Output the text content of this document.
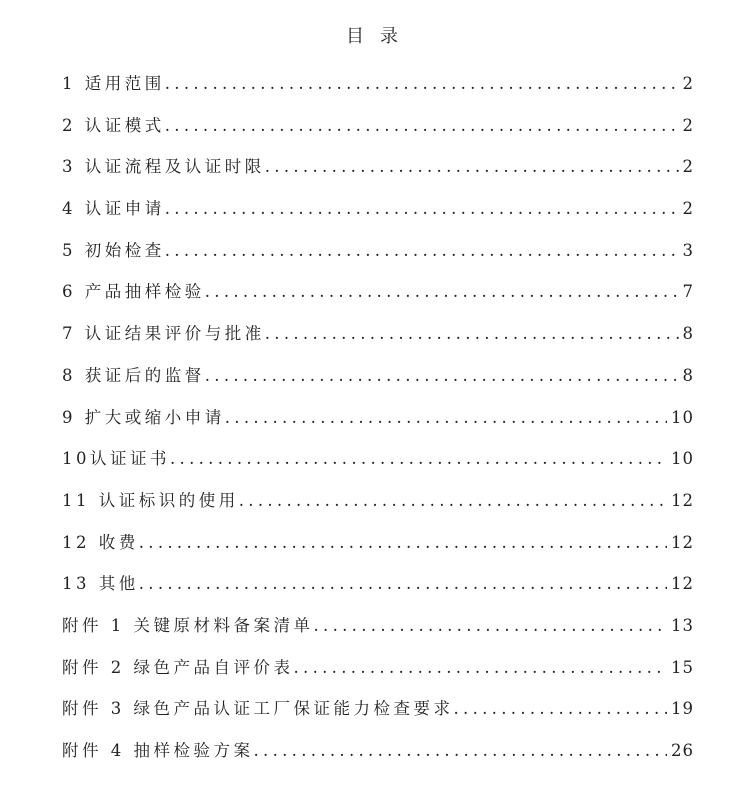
目录
1 适用范围 .....	2
2 认证模式 .....	2
3 认证流程及认证时限 .....	2
4 认证申请 .....	2
5 初始检查 .....	3
6 产品抽样检验 .....	7
7 认证结果评价与批准 .....	8
8 获证后的监督 .....	8
9 扩大或缩小申请 .....	10
10认证证书 .....	10
11 认证标识的使用 .....	12
12 收费 .....	12
13 其他 .....	12
附件 1 关键原材料备案清单 .....	13
附件 2 绿色产品自评价表 .....	15
附件 3 绿色产品认证工厂保证能力检查要求 .....	19
附件 4 抽样检验方案 .....	26
